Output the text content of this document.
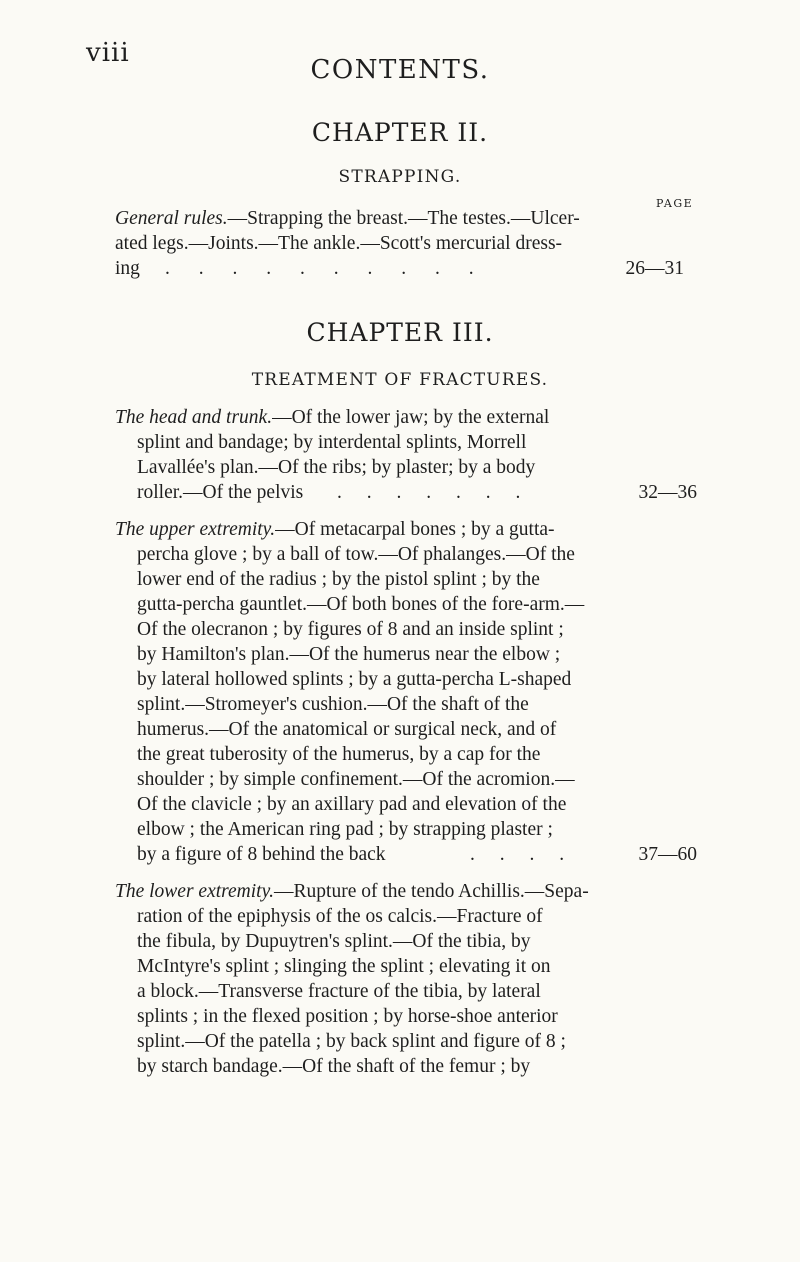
viii
CONTENTS.
CHAPTER II.
STRAPPING.
PAGE
General rules.—Strapping the breast.—The testes.—Ulcer-
ated legs.—Joints.—The ankle.—Scott's mercurial dress-
ing . . . . . . . . . .	26—31
CHAPTER III.
TREATMENT OF FRACTURES.
The head and trunk.—Of the lower jaw; by the external
splint and bandage; by interdental splints, Morrell
Lavallée's plan.—Of the ribs; by plaster; by a body
roller.—Of the pelvis . . . . . . .	32—36
The upper extremity.—Of metacarpal bones ; by a gutta-
percha glove ; by a ball of tow.—Of phalanges.—Of the
lower end of the radius ; by the pistol splint ; by the
gutta-percha gauntlet.—Of both bones of the fore-arm.—
Of the olecranon ; by figures of 8 and an inside splint ;
by Hamilton's plan.—Of the humerus near the elbow ;
by lateral hollowed splints ; by a gutta-percha L-shaped
splint.—Stromeyer's cushion.—Of the shaft of the
humerus.—Of the anatomical or surgical neck, and of
the great tuberosity of the humerus, by a cap for the
shoulder ; by simple confinement.—Of the acromion.—
Of the clavicle ; by an axillary pad and elevation of the
elbow ; the American ring pad ; by strapping plaster ;
by a figure of 8 behind the back	. . . .	37—60
The lower extremity.—Rupture of the tendo Achillis.—Sepa-
ration of the epiphysis of the os calcis.—Fracture of
the fibula, by Dupuytren's splint.—Of the tibia, by
McIntyre's splint ; slinging the splint ; elevating it on
a block.—Transverse fracture of the tibia, by lateral
splints ; in the flexed position ; by horse-shoe anterior
splint.—Of the patella ; by back splint and figure of 8 ;
by starch bandage.—Of the shaft of the femur ; by
